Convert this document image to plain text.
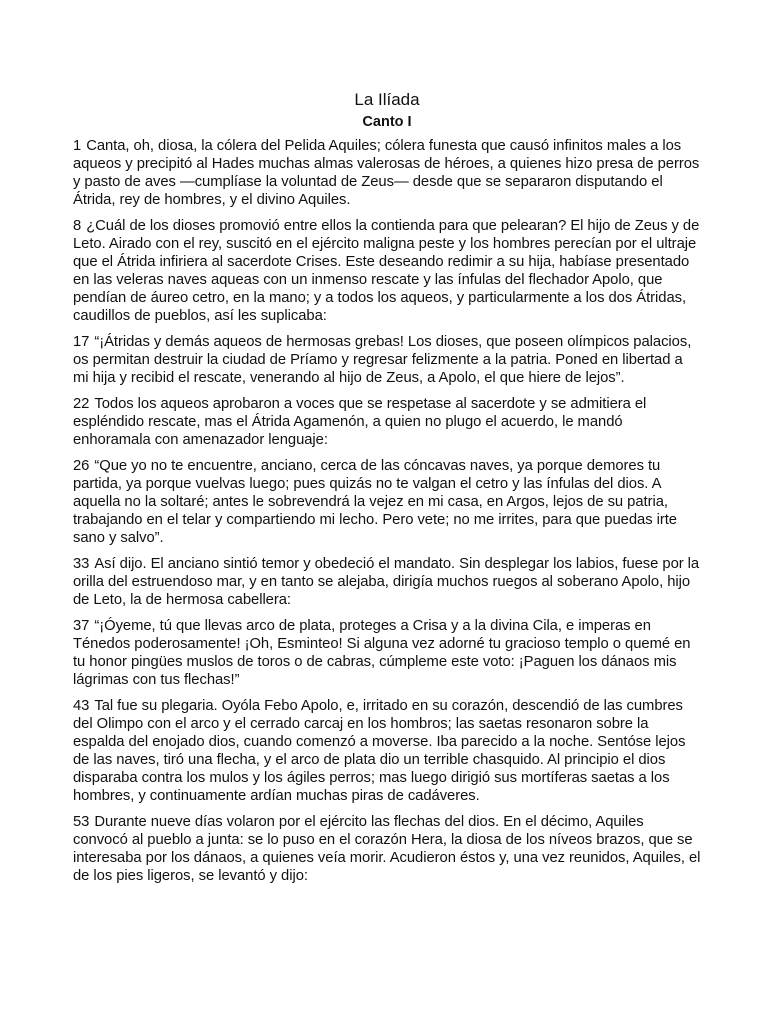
La Ilíada
Canto I

1 Canta, oh, diosa, la cólera del Pelida Aquiles; cólera funesta que causó infinitos males a los aqueos y precipitó al Hades muchas almas valerosas de héroes, a quienes hizo presa de perros y pasto de aves —cumplíase la voluntad de Zeus— desde que se separaron disputando el Átrida, rey de hombres, y el divino Aquiles.

8 ¿Cuál de los dioses promovió entre ellos la contienda para que pelearan? El hijo de Zeus y de Leto. Airado con el rey, suscitó en el ejército maligna peste y los hombres perecían por el ultraje que el Átrida infiriera al sacerdote Crises. Este deseando redimir a su hija, habíase presentado en las veleras naves aqueas con un inmenso rescate y las ínfulas del flechador Apolo, que pendían de áureo cetro, en la mano; y a todos los aqueos, y particularmente a los dos Átridas, caudillos de pueblos, así les suplicaba:

17 “¡Átridas y demás aqueos de hermosas grebas! Los dioses, que poseen olímpicos palacios, os permitan destruir la ciudad de Príamo y regresar felizmente a la patria. Poned en libertad a mi hija y recibid el rescate, venerando al hijo de Zeus, a Apolo, el que hiere de lejos”.

22 Todos los aqueos aprobaron a voces que se respetase al sacerdote y se admitiera el espléndido rescate, mas el Átrida Agamenón, a quien no plugo el acuerdo, le mandó enhoramala con amenazador lenguaje:

26 “Que yo no te encuentre, anciano, cerca de las cóncavas naves, ya porque demores tu partida, ya porque vuelvas luego; pues quizás no te valgan el cetro y las ínfulas del dios. A aquella no la soltaré; antes le sobrevendrá la vejez en mi casa, en Argos, lejos de su patria, trabajando en el telar y compartiendo mi lecho. Pero vete; no me irrites, para que puedas irte sano y salvo”.

33 Así dijo. El anciano sintió temor y obedeció el mandato. Sin desplegar los labios, fuese por la orilla del estruendoso mar, y en tanto se alejaba, dirigía muchos ruegos al soberano Apolo, hijo de Leto, la de hermosa cabellera:

37 “¡Óyeme, tú que llevas arco de plata, proteges a Crisa y a la divina Cila, e imperas en Ténedos poderosamente! ¡Oh, Esminteo! Si alguna vez adorné tu gracioso templo o quemé en tu honor pingües muslos de toros o de cabras, cúmpleme este voto: ¡Paguen los dánaos mis lágrimas con tus flechas!”

43 Tal fue su plegaria. Oyóla Febo Apolo, e, irritado en su corazón, descendió de las cumbres del Olimpo con el arco y el cerrado carcaj en los hombros; las saetas resonaron sobre la espalda del enojado dios, cuando comenzó a moverse. Iba parecido a la noche. Sentóse lejos de las naves, tiró una flecha, y el arco de plata dio un terrible chasquido. Al principio el dios disparaba contra los mulos y los ágiles perros; mas luego dirigió sus mortíferas saetas a los hombres, y continuamente ardían muchas piras de cadáveres.

53 Durante nueve días volaron por el ejército las flechas del dios. En el décimo, Aquiles convocó al pueblo a junta: se lo puso en el corazón Hera, la diosa de los níveos brazos, que se interesaba por los dánaos, a quienes veía morir. Acudieron éstos y, una vez reunidos, Aquiles, el de los pies ligeros, se levantó y dijo:
